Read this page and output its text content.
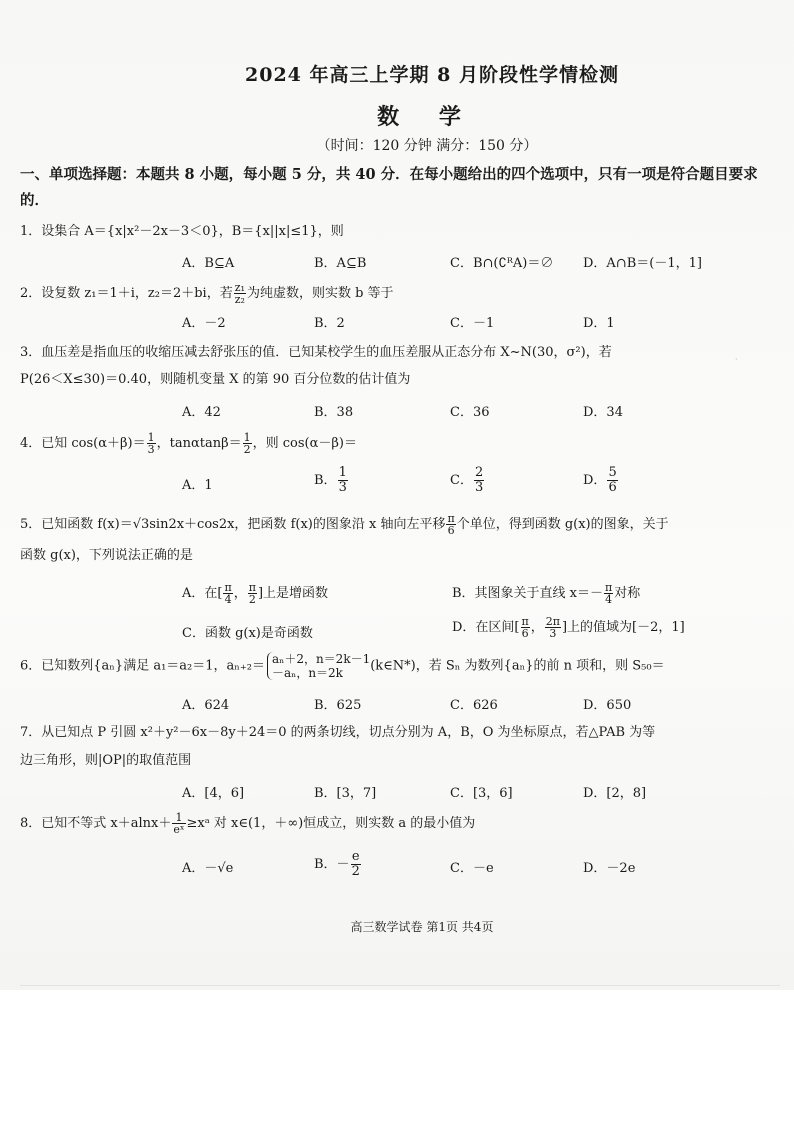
2024 年高三上学期 8 月阶段性学情检测
数 学
（时间：120 分钟 满分：150 分）
一、单项选择题：本题共 8 小题，每小题 5 分，共 40 分．在每小题给出的四个选项中，只有一项是符合题目要求的．
1．设集合 A＝{x|x²－2x－3＜0}，B＝{x||x|≤1}，则
A．B⊆A	B．A⊆B	C．B∩(∁ᴿA)＝∅ D．A∩B＝(－1，1]
2．设复数 z₁＝1＋i，z₂＝2＋bi，若 $\frac{\text{z₁}}{\text{z₂}}$ 为纯虚数，则实数 b 等于
A．－2	B．2	C．－1	D．1
3．血压差是指血压的收缩压减去舒张压的值．已知某校学生的血压差服从正态分布 X~N(30，σ²)，若
P(26＜X≤30)＝0.40，则随机变量 X 的第 90 百分位数的估计值为
·
A．42	B．38	C．36	D．34
4．已知 $\cos(\alpha+\beta)= \frac{1}{3}$ ，$\tan\alpha\tan\beta= \frac{1}{2}$ ，则 cos(α－β)＝
A．1	B． $\frac{1}{3}$	C． $\frac{2}{3}$	D． $\frac{5}{6}$
5．已知函数 f(x)＝√3sin2x＋cos2x，把函数 f(x)的图象沿 x 轴向左平移 $\frac{\pi}{6}$ 个单位，得到函数 g(x)的图象，关于
函数 g(x)，下列说法正确的是
A．在[ $\frac{\pi}{4}$ ， $\frac{\pi}{2}$ ]上是增函数	B．其图象关于直线 $x=- \frac{\pi}{4}$ 对称
C．函数 g(x)是奇函数	D．在区间[ $\frac{\pi}{6}$ ， $\frac{2\pi}{3}$ ]上的值域为[－2，1]
6．已知数列{aₙ}满足 a₁＝a₂＝1，aₙ₊₂＝ aₙ＋2，n＝2k－1
－aₙ，n＝2k	(k∈N*)，若 Sₙ 为数列{aₙ}的前 n 项和，则 S₅₀＝
A．624	B．625	C．626	D．650
7．从已知点 P 引圆 x²＋y²－6x－8y＋24＝0 的两条切线，切点分别为 A，B，O 为坐标原点，若△PAB 为等
边三角形，则|OP|的取值范围
A．[4，6]	B．[3，7]	C．[3，6]	D．[2，8]
8．已知不等式 $x+alnx+ \frac{1}{\text{eˣ}}$ ≥xᵃ 对 x∈(1，＋∞)恒成立，则实数 a 的最小值为
A．－√e	B．－ $\frac{e}{2}$	C．－e	D．－2e
高三数学试卷 第1页 共4页
